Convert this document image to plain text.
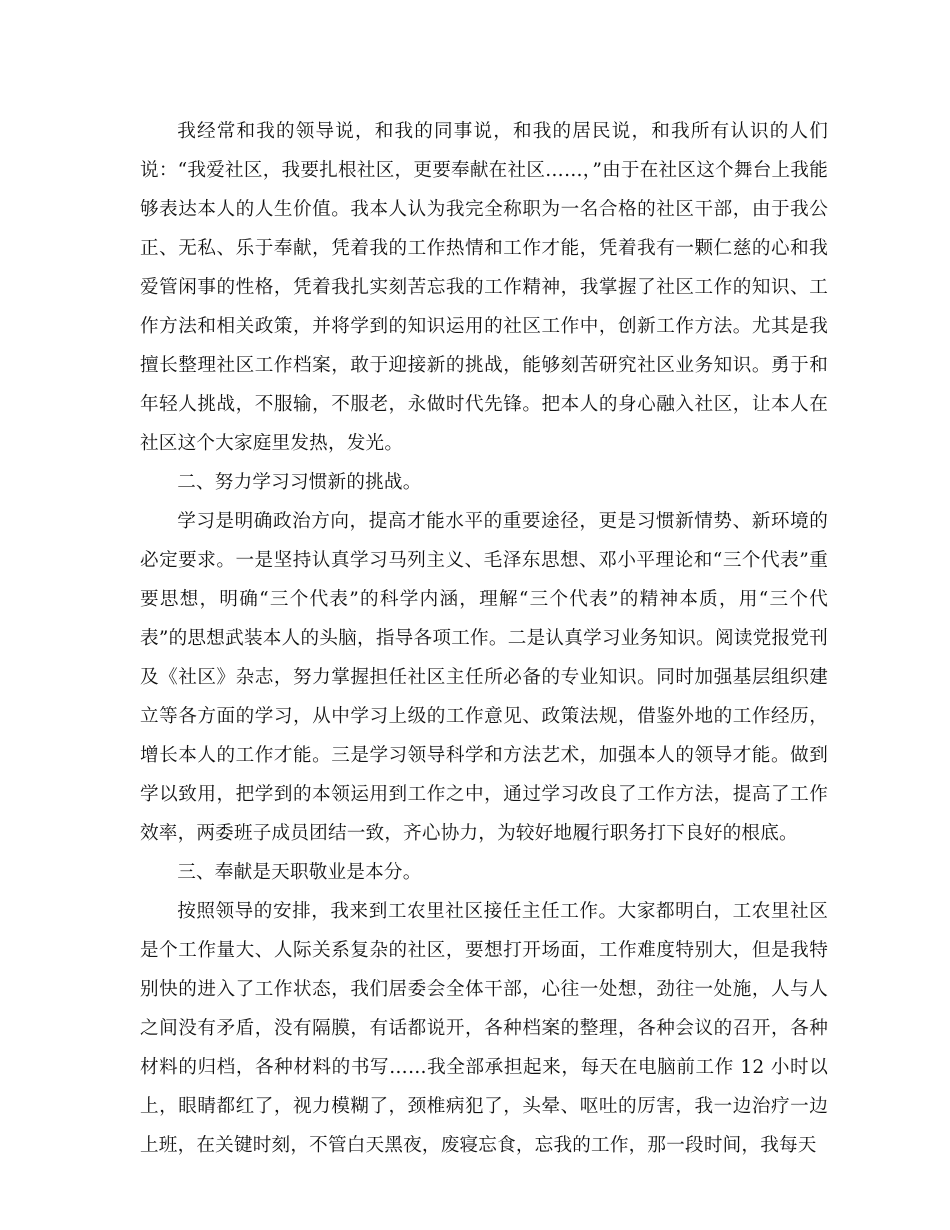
我经常和我的领导说，和我的同事说，和我的居民说，和我所有认识的人们说：“我爱社区，我要扎根社区，更要奉献在社区……，”由于在社区这个舞台上我能够表达本人的人生价值。我本人认为我完全称职为一名合格的社区干部，由于我公正、无私、乐于奉献，凭着我的工作热情和工作才能，凭着我有一颗仁慈的心和我爱管闲事的性格，凭着我扎实刻苦忘我的工作精神，我掌握了社区工作的知识、工作方法和相关政策，并将学到的知识运用的社区工作中，创新工作方法。尤其是我擅长整理社区工作档案，敢于迎接新的挑战，能够刻苦研究社区业务知识。勇于和年轻人挑战，不服输，不服老，永做时代先锋。把本人的身心融入社区，让本人在社区这个大家庭里发热，发光。

二、努力学习习惯新的挑战。

学习是明确政治方向，提高才能水平的重要途径，更是习惯新情势、新环境的必定要求。一是坚持认真学习马列主义、毛泽东思想、邓小平理论和“三个代表”重要思想，明确“三个代表”的科学内涵，理解“三个代表”的精神本质，用“三个代表”的思想武装本人的头脑，指导各项工作。二是认真学习业务知识。阅读党报党刊及《社区》杂志，努力掌握担任社区主任所必备的专业知识。同时加强基层组织建立等各方面的学习，从中学习上级的工作意见、政策法规，借鉴外地的工作经历，增长本人的工作才能。三是学习领导科学和方法艺术，加强本人的领导才能。做到学以致用，把学到的本领运用到工作之中，通过学习改良了工作方法，提高了工作效率，两委班子成员团结一致，齐心协力，为较好地履行职务打下良好的根底。

三、奉献是天职敬业是本分。

按照领导的安排，我来到工农里社区接任主任工作。大家都明白，工农里社区是个工作量大、人际关系复杂的社区，要想打开场面，工作难度特别大，但是我特别快的进入了工作状态，我们居委会全体干部，心往一处想，劲往一处施，人与人之间没有矛盾，没有隔膜，有话都说开，各种档案的整理，各种会议的召开，各种材料的归档，各种材料的书写……我全部承担起来，每天在电脑前工作 12 小时以上，眼睛都红了，视力模糊了，颈椎病犯了，头晕、呕吐的厉害，我一边治疗一边上班，在关键时刻，不管白天黑夜，废寝忘食，忘我的工作，那一段时间，我每天
